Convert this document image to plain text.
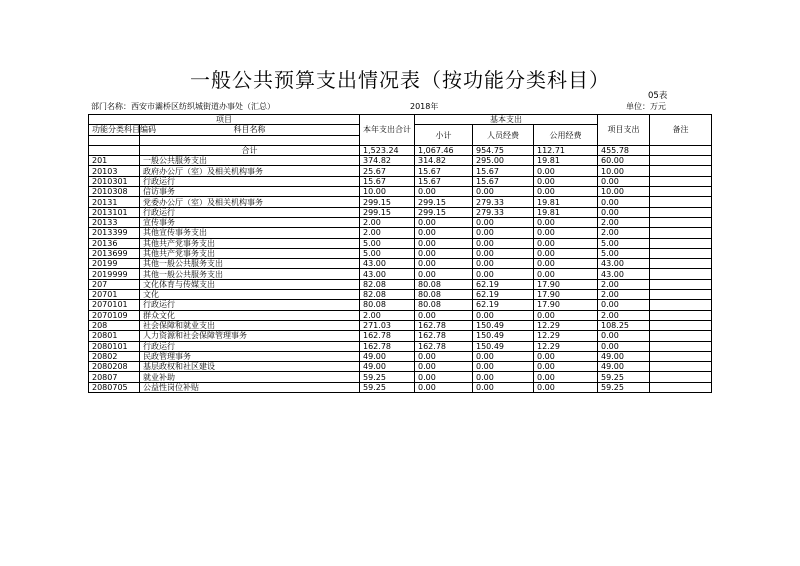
一般公共预算支出情况表（按功能分类科目）
05表
部门名称：西安市灞桥区纺织城街道办事处（汇总）	2018年	单位：万元
项目		本年支出合计	基本支出			项目支出	备注
功能分类科目编码	科目名称		小计	人员经费	公用经费		

	合计	1,523.24	1,067.46	954.75	112.71	455.78	
201	一般公共服务支出	374.82	314.82	295.00	19.81	60.00	
20103	政府办公厅（室）及相关机构事务	25.67	15.67	15.67	0.00	10.00	
2010301	行政运行	15.67	15.67	15.67	0.00	0.00	
2010308	信访事务	10.00	0.00	0.00	0.00	10.00	
20131	党委办公厅（室）及相关机构事务	299.15	299.15	279.33	19.81	0.00	
2013101	行政运行	299.15	299.15	279.33	19.81	0.00	
20133	宣传事务	2.00	0.00	0.00	0.00	2.00	
2013399	其他宣传事务支出	2.00	0.00	0.00	0.00	2.00	
20136	其他共产党事务支出	5.00	0.00	0.00	0.00	5.00	
2013699	其他共产党事务支出	5.00	0.00	0.00	0.00	5.00	
20199	其他一般公共服务支出	43.00	0.00	0.00	0.00	43.00	
2019999	其他一般公共服务支出	43.00	0.00	0.00	0.00	43.00	
207	文化体育与传媒支出	82.08	80.08	62.19	17.90	2.00	
20701	文化	82.08	80.08	62.19	17.90	2.00	
2070101	行政运行	80.08	80.08	62.19	17.90	0.00	
2070109	群众文化	2.00	0.00	0.00	0.00	2.00	
208	社会保障和就业支出	271.03	162.78	150.49	12.29	108.25	
20801	人力资源和社会保障管理事务	162.78	162.78	150.49	12.29	0.00	
2080101	行政运行	162.78	162.78	150.49	12.29	0.00	
20802	民政管理事务	49.00	0.00	0.00	0.00	49.00	
2080208	基层政权和社区建设	49.00	0.00	0.00	0.00	49.00	
20807	就业补助	59.25	0.00	0.00	0.00	59.25	
2080705	公益性岗位补贴	59.25	0.00	0.00	0.00	59.25	
